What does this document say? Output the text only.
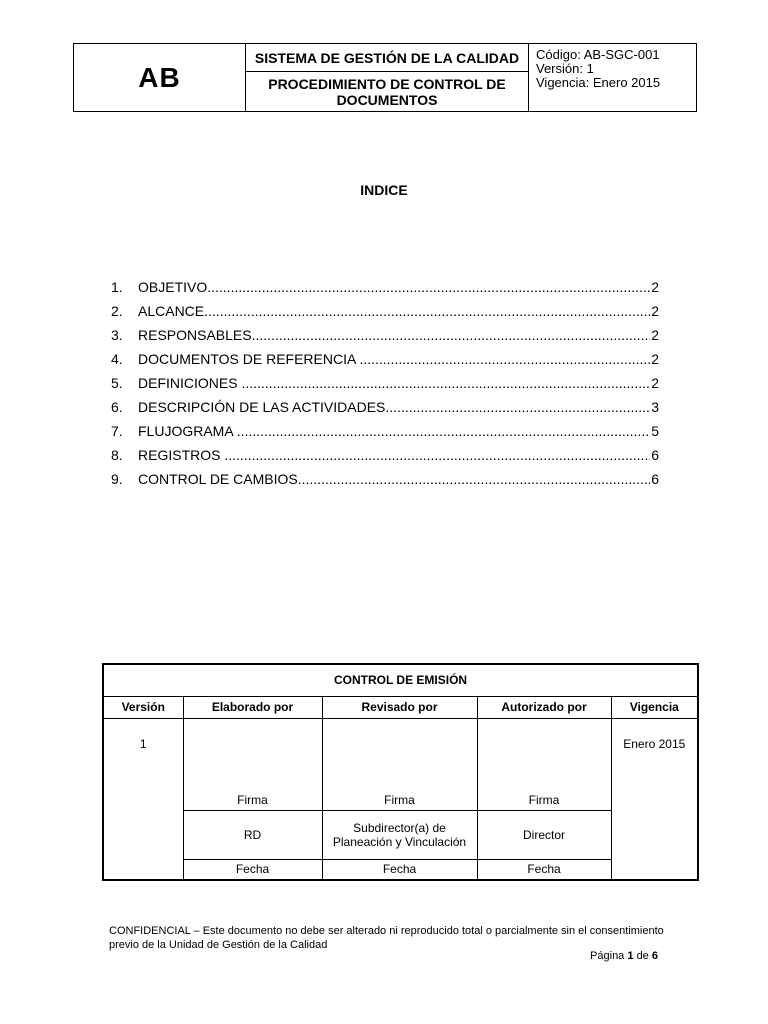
AB	SISTEMA DE GESTIÓN DE LA CALIDAD	Código: AB-SGC-001
Versión: 1
Vigencia: Enero 2015

PROCEDIMIENTO DE CONTROL DE DOCUMENTOS
INDICE
1.	OBJETIVO .....	2
2.	ALCANCE .....	2
3.	RESPONSABLES .....	2
4.	DOCUMENTOS DE REFERENCIA .....	2
5.	DEFINICIONES .....	2
6.	DESCRIPCIÓN DE LAS ACTIVIDADES .....	3
7.	FLUJOGRAMA .....	5
8.	REGISTROS .....	6
9.	CONTROL DE CAMBIOS .....	6
CONTROL DE EMISIÓN				
Versión	Elaborado por	Revisado por	Autorizado por	Vigencia
1	Firma	Firma	Firma	Enero 2015
	RD	Subdirector(a) de Planeación y Vinculación	Director	
	Fecha	Fecha	Fecha	
CONFIDENCIAL – Este documento no debe ser alterado ni reproducido total o parcialmente sin el consentimiento previo de la Unidad de Gestión de la Calidad
Página 1 de 6
